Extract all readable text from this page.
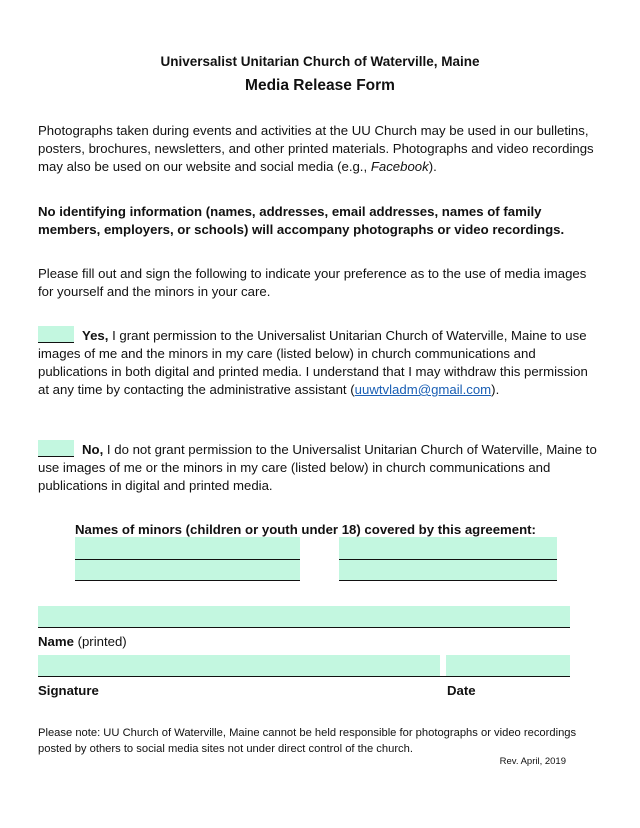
Universalist Unitarian Church of Waterville, Maine
Media Release Form
Photographs taken during events and activities at the UU Church may be used in our bulletins, posters, brochures, newsletters, and other printed materials. Photographs and video recordings may also be used on our website and social media (e.g., Facebook).
No identifying information (names, addresses, email addresses, names of family members, employers, or schools) will accompany photographs or video recordings.
Please fill out and sign the following to indicate your preference as to the use of media images for yourself and the minors in your care.
Yes, I grant permission to the Universalist Unitarian Church of Waterville, Maine to use images of me and the minors in my care (listed below) in church communications and publications in both digital and printed media. I understand that I may withdraw this permission at any time by contacting the administrative assistant (uuwtvladm@gmail.com).
No, I do not grant permission to the Universalist Unitarian Church of Waterville, Maine to use images of me or the minors in my care (listed below) in church communications and publications in digital and printed media.
Names of minors (children or youth under 18) covered by this agreement:
Name (printed)
Signature	Date
Please note: UU Church of Waterville, Maine cannot be held responsible for photographs or video recordings posted by others to social media sites not under direct control of the church.
Rev. April, 2019
